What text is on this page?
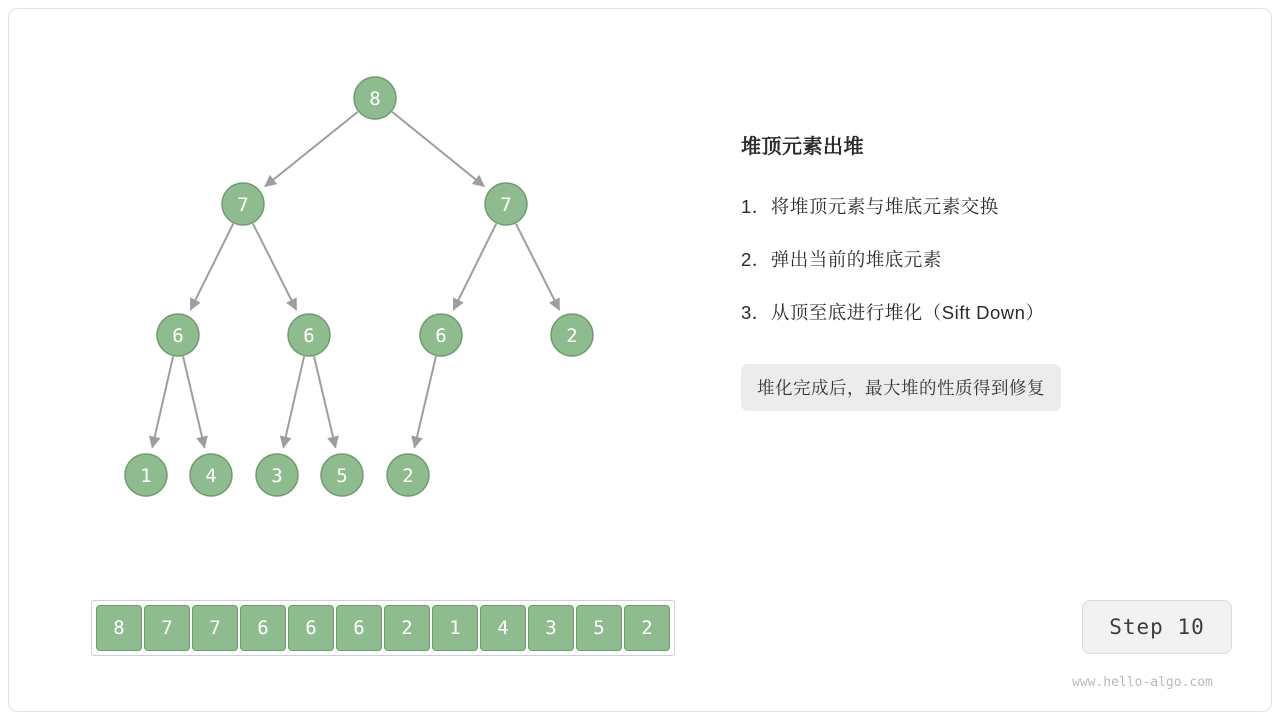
8
7	7
6	6	6	2
1	4	3	5	2
堆顶元素出堆
1．将堆顶元素与堆底元素交换
2．弹出当前的堆底元素
3．从顶至底进行堆化（Sift Down）
堆化完成后，最大堆的性质得到修复
8	7	7	6	6	6	2	1	4	3	5	2	Step 10
www.hello-algo.com
